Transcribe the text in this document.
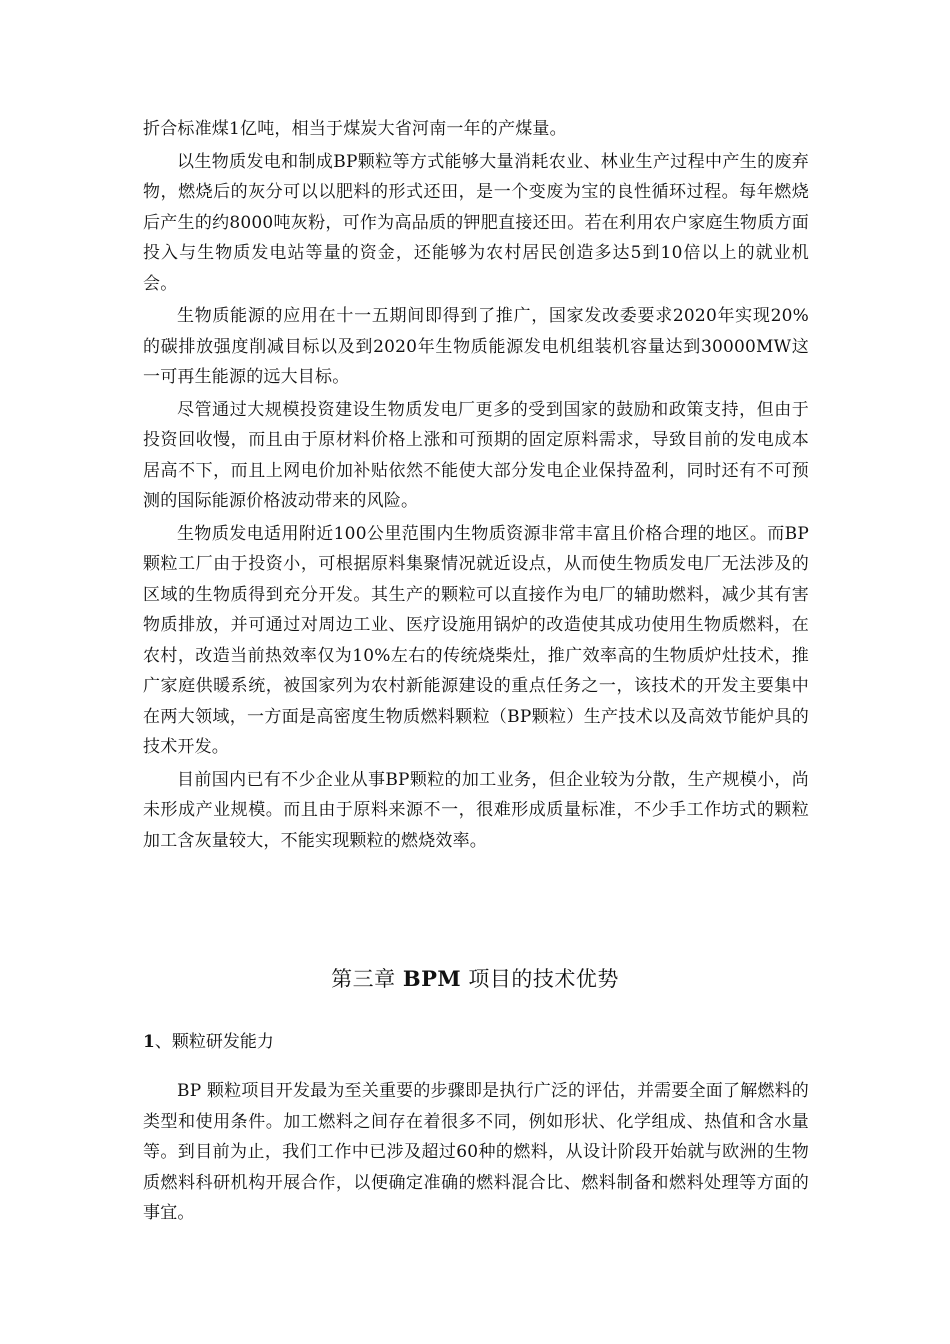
折合标准煤1亿吨，相当于煤炭大省河南一年的产煤量。

以生物质发电和制成BP颗粒等方式能够大量消耗农业、林业生产过程中产生的废弃物，燃烧后的灰分可以以肥料的形式还田，是一个变废为宝的良性循环过程。每年燃烧后产生的约8000吨灰粉，可作为高品质的钾肥直接还田。若在利用农户家庭生物质方面投入与生物质发电站等量的资金，还能够为农村居民创造多达5到10倍以上的就业机会。

生物质能源的应用在十一五期间即得到了推广，国家发改委要求2020年实现20%的碳排放强度削减目标以及到2020年生物质能源发电机组装机容量达到30000MW这一可再生能源的远大目标。

尽管通过大规模投资建设生物质发电厂更多的受到国家的鼓励和政策支持，但由于投资回收慢，而且由于原材料价格上涨和可预期的固定原料需求，导致目前的发电成本居高不下，而且上网电价加补贴依然不能使大部分发电企业保持盈利，同时还有不可预测的国际能源价格波动带来的风险。

生物质发电适用附近100公里范围内生物质资源非常丰富且价格合理的地区。而BP颗粒工厂由于投资小，可根据原料集聚情况就近设点，从而使生物质发电厂无法涉及的区域的生物质得到充分开发。其生产的颗粒可以直接作为电厂的辅助燃料，减少其有害物质排放，并可通过对周边工业、医疗设施用锅炉的改造使其成功使用生物质燃料，在农村，改造当前热效率仅为10%左右的传统烧柴灶，推广效率高的生物质炉灶技术，推广家庭供暖系统，被国家列为农村新能源建设的重点任务之一，该技术的开发主要集中在两大领域，一方面是高密度生物质燃料颗粒（BP颗粒）生产技术以及高效节能炉具的技术开发。

目前国内已有不少企业从事BP颗粒的加工业务，但企业较为分散，生产规模小，尚未形成产业规模。而且由于原料来源不一，很难形成质量标准，不少手工作坊式的颗粒加工含灰量较大，不能实现颗粒的燃烧效率。

第三章 BPM 项目的技术优势
1、颗粒研发能力

BP 颗粒项目开发最为至关重要的步骤即是执行广泛的评估，并需要全面了解燃料的类型和使用条件。加工燃料之间存在着很多不同，例如形状、化学组成、热值和含水量等。到目前为止，我们工作中已涉及超过60种的燃料，从设计阶段开始就与欧洲的生物质燃料科研机构开展合作，以便确定准确的燃料混合比、燃料制备和燃料处理等方面的事宜。
